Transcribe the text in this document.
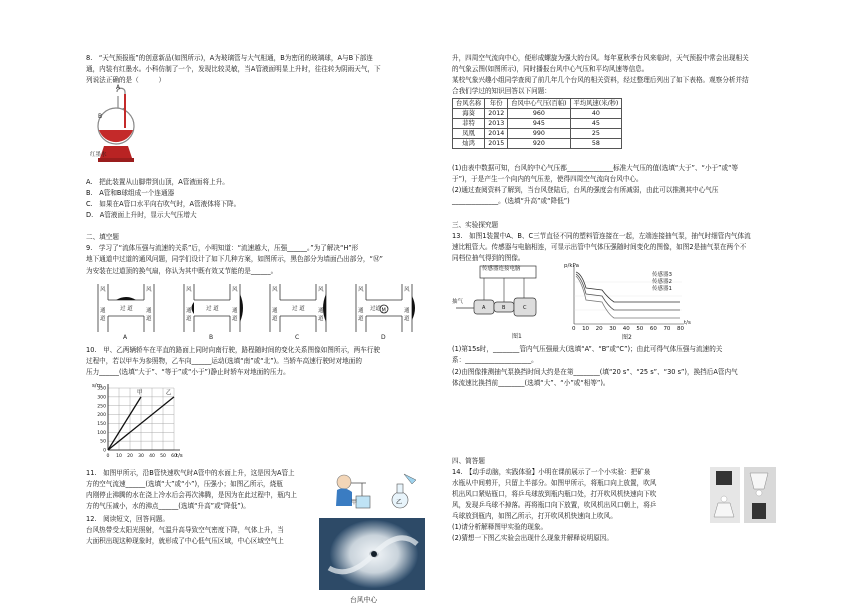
8.　“天气预报瓶”的创意新品(如图所示)，A为玻璃管与大气相通，B为密闭的玻璃球，A与B下部连

通，内装有红墨水。小科仿制了一个，发现比较灵敏，当A管液面明显上升时，往往转为阴雨天气，下

列说法正确的是（　　　）

A
B
红墨水

A.　把此装置从山脚带到山顶，A管液面将上升。

B.　A管和B球组成一个连通器

C.　如果在A管口水平向右吹气时，A管液体将下降。

D.　A管液面上升时，显示大气压增大

二、填空题

9.　学习了“流体压强与流速的关系”后，小明知道：“流速越大，压强______。”为了解决“H”形

地下通道中过道的通风问题，同学们设计了如下几种方案，如图所示，黑色部分为墙面凸出部分，“Ⓜ”

为安装在过道顶的换气扇，你认为其中既有效又节能的是______。

M
风	风	风	风	风	风	风	风
过 道	过 道	过 道	过道
通
道
通
道
通
道
通
道
通
道
通
道
通
道
通
道
A	B	C	D

10.　甲、乙两辆轿车在平直的路面上同时向南行驶，路程随时间的变化关系图像如图所示，两车行驶

过程中，若以甲车为参照物，乙车向______运动(选填“南”或“北”)。当轿车高速行驶时对地面的

压力______(选填“大于”、“等于”或“小于”)静止时轿车对地面的压力。

0 10 20 30 40 50 60
0
50
100
150
200
250
300
350
s/m
t/s
甲	乙

11.　如图甲所示，沿B管快速吹气时A管中的水面上升，这是因为A管上

方的空气流速______(选填“大”或“小”)，压强小；如图乙所示，烧瓶

内刚停止沸腾的水在浇上冷水后会再次沸腾，是因为在此过程中，瓶内上

方的气压减小，水的沸点______(选填“升高”或“降低”)。	甲	乙

12.　阅读短文，回答问题。

台风热带受太阳光照射，气温升高导致空气密度下降，气体上升，当

大面积出现这种现象时，就形成了中心低气压区域，中心区域空气上

台风中心

升，四周空气流向中心，便形成螺旋为强大的台风。每年夏秋季台风来临时，天气预报中常会出现相关

的气象云图(如图所示)，同时播报台风中心气压和平均风速等信息。

某校气象兴趣小组同学查阅了前几年几个台风的相关资料，经过整理后列出了如下表格。观察分析并结

合我们学过的知识回答以下问题：

台风名称	年份	台风中心气压(百帕)	平均风速(米/秒)
海葵	2012	960	40
菲特	2013	945	45
凤凰	2014	990	25
灿鸿	2015	920	58

(1)由表中数据可知，台风的中心气压都______________标准大气压的值(选填“大于”、“小于”或“等

于”)，于是产生一个向内的气压差，使得四周空气流向台风中心。

(2)通过查阅资料了解到，当台风登陆后，台风的强度会有所减弱，由此可以推测其中心气压

______________。(选填“升高”或“降低”)

三、实验探究题

13.　如图1装置中A、B、C三节直径不同的塑料管连接在一起，左端连接抽气泵，抽气时细管内气体流

速比粗管大。传感器与电脑相连，可显示出管中气体压强随时间变化的图像，如图2是抽气泵在两个不

同档位抽气得到的图像。

A	B	C
传感器连接电脑
抽气
图1
p/kPa
t/s
传感器3
传感器2
传感器1
0 10 20 30 40 50 60 70 80
图2

(1)第15s时，________管内气压强最大(选填“A”、“B”或“C”)；由此可得气体压强与流速的关

系：____________________。

(2)由图像推测抽气泵换挡时间大约是在第________(填“20 s”、“25 s”、“30 s”)，换挡后A管内气

体流速比换挡前________(选填“大”、“小”或“相等”)。

四、简答题

14.　【动手动脑，实践体验】小明在课前展示了一个小实验：把矿泉

水瓶从中间剪开，只留上半部分。如图甲所示，将瓶口向上放置，吹风

机出风口紧贴瓶口，将乒乓球放到瓶内瓶口处，打开吹风机快速向下吹

风，发现乒乓球不掉落。再将瓶口向下放置，吹风机出风口朝上，将乒

乓球放到瓶内，如图乙所示，打开吹风机快速向上吹风。

(1)请分析解释图甲实验的现象。

(2)猜想一下图乙实验会出现什么现象并解释说明原因。
